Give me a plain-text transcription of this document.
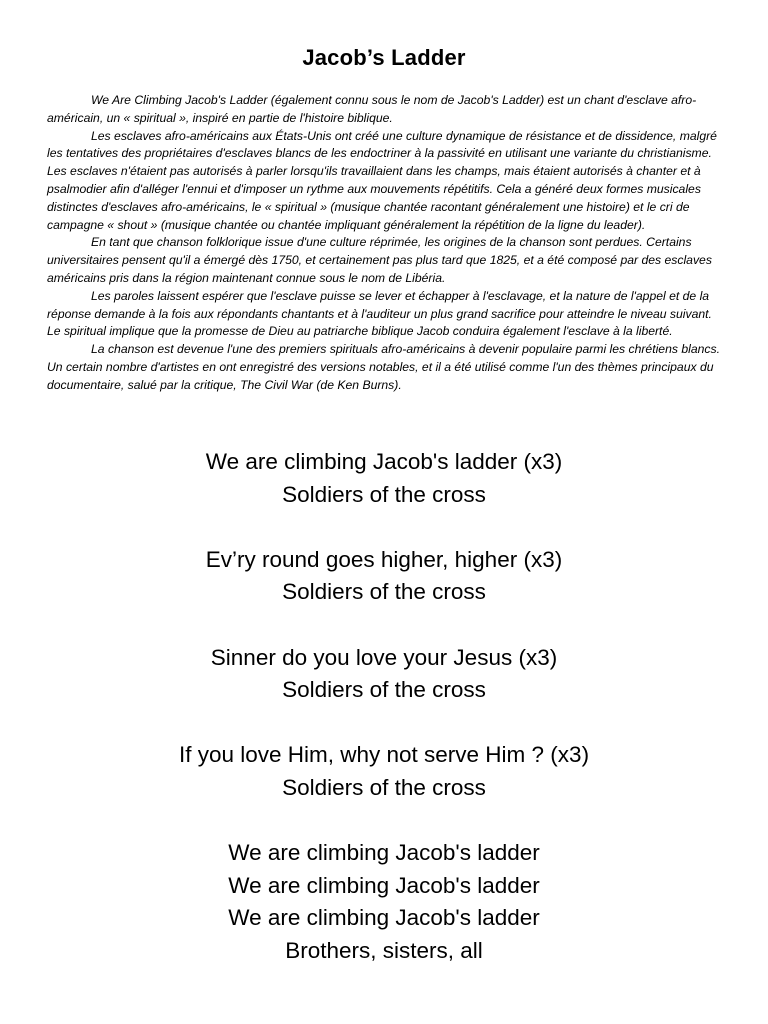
Jacob’s Ladder

We Are Climbing Jacob's Ladder (également connu sous le nom de Jacob's Ladder) est un chant d'esclave afro-américain, un « spiritual », inspiré en partie de l'histoire biblique.

Les esclaves afro-américains aux États-Unis ont créé une culture dynamique de résistance et de dissidence, malgré les tentatives des propriétaires d'esclaves blancs de les endoctriner à la passivité en utilisant une variante du christianisme. Les esclaves n'étaient pas autorisés à parler lorsqu'ils travaillaient dans les champs, mais étaient autorisés à chanter et à psalmodier afin d'alléger l'ennui et d'imposer un rythme aux mouvements répétitifs. Cela a généré deux formes musicales distinctes d'esclaves afro-américains, le « spiritual » (musique chantée racontant généralement une histoire) et le cri de campagne « shout » (musique chantée ou chantée impliquant généralement la répétition de la ligne du leader).

En tant que chanson folklorique issue d'une culture réprimée, les origines de la chanson sont perdues. Certains universitaires pensent qu'il a émergé dès 1750, et certainement pas plus tard que 1825, et a été composé par des esclaves américains pris dans la région maintenant connue sous le nom de Libéria.

Les paroles laissent espérer que l'esclave puisse se lever et échapper à l'esclavage, et la nature de l'appel et de la réponse demande à la fois aux répondants chantants et à l'auditeur un plus grand sacrifice pour atteindre le niveau suivant. Le spiritual implique que la promesse de Dieu au patriarche biblique Jacob conduira également l'esclave à la liberté.

La chanson est devenue l'une des premiers spirituals afro-américains à devenir populaire parmi les chrétiens blancs. Un certain nombre d'artistes en ont enregistré des versions notables, et il a été utilisé comme l'un des thèmes principaux du documentaire, salué par la critique, The Civil War (de Ken Burns).

We are climbing Jacob's ladder (x3)
Soldiers of the cross
Ev’ry round goes higher, higher (x3)
Soldiers of the cross
Sinner do you love your Jesus (x3)
Soldiers of the cross
If you love Him, why not serve Him ? (x3)
Soldiers of the cross
We are climbing Jacob's ladder
We are climbing Jacob's ladder
We are climbing Jacob's ladder
Brothers, sisters, all
